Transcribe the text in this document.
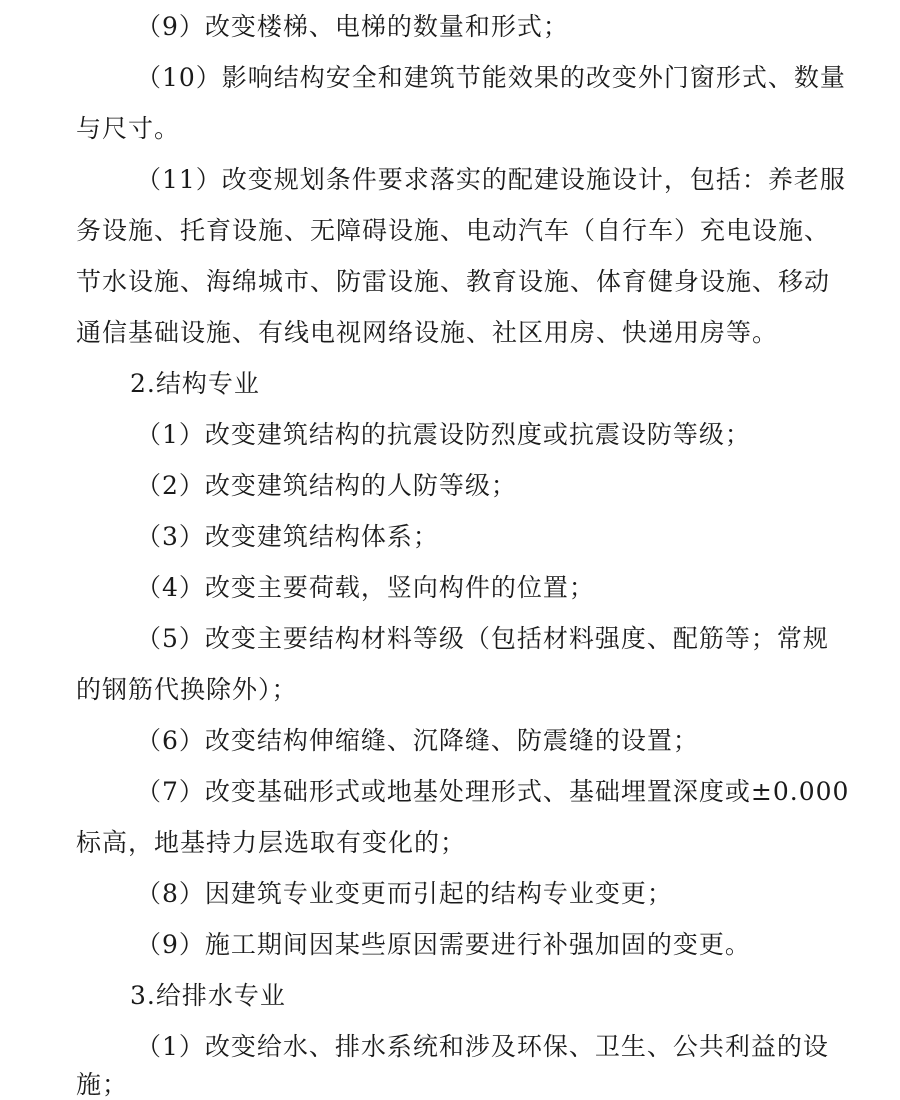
（9）改变楼梯、电梯的数量和形式；
（10）影响结构安全和建筑节能效果的改变外门窗形式、数量
与尺寸。
（11）改变规划条件要求落实的配建设施设计，包括：养老服
务设施、托育设施、无障碍设施、电动汽车（自行车）充电设施、
节水设施、海绵城市、防雷设施、教育设施、体育健身设施、移动
通信基础设施、有线电视网络设施、社区用房、快递用房等。
2.结构专业
（1）改变建筑结构的抗震设防烈度或抗震设防等级；
（2）改变建筑结构的人防等级；
（3）改变建筑结构体系；
（4）改变主要荷载，竖向构件的位置；
（5）改变主要结构材料等级（包括材料强度、配筋等；常规
的钢筋代换除外）；
（6）改变结构伸缩缝、沉降缝、防震缝的设置；
（7）改变基础形式或地基处理形式、基础埋置深度或±0.000
标高，地基持力层选取有变化的；
（8）因建筑专业变更而引起的结构专业变更；
（9）施工期间因某些原因需要进行补强加固的变更。
3.给排水专业
（1）改变给水、排水系统和涉及环保、卫生、公共利益的设
施；
